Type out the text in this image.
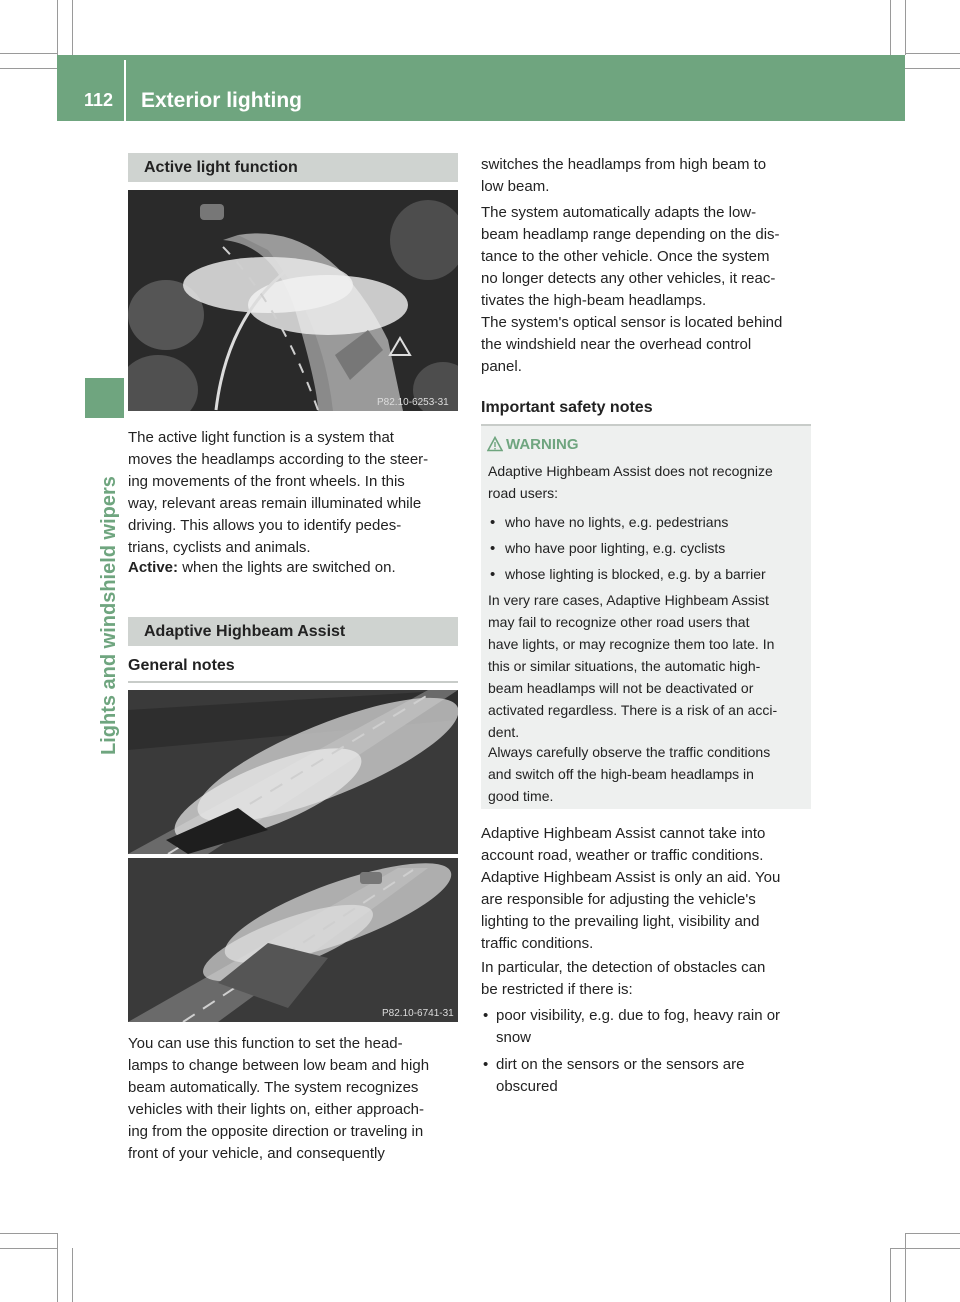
112 Exterior lighting
Lights and windshield wipers
Active light function
P82.10-6253-31
The active light function is a system that
moves the headlamps according to the steer-
ing movements of the front wheels. In this
way, relevant areas remain illuminated while
driving. This allows you to identify pedes-
trians, cyclists and animals.
Active: when the lights are switched on.
Adaptive Highbeam Assist
General notes
P82.10-6741-31
You can use this function to set the head-
lamps to change between low beam and high
beam automatically. The system recognizes
vehicles with their lights on, either approach-
ing from the opposite direction or traveling in
front of your vehicle, and consequently
switches the headlamps from high beam to
low beam.
The system automatically adapts the low-
beam headlamp range depending on the dis-
tance to the other vehicle. Once the system
no longer detects any other vehicles, it reac-
tivates the high-beam headlamps.
The system's optical sensor is located behind
the windshield near the overhead control
panel.
Important safety notes
WARNING
Adaptive Highbeam Assist does not recognize
road users:
• who have no lights, e.g. pedestrians
• who have poor lighting, e.g. cyclists
• whose lighting is blocked, e.g. by a barrier
In very rare cases, Adaptive Highbeam Assist
may fail to recognize other road users that
have lights, or may recognize them too late. In
this or similar situations, the automatic high-
beam headlamps will not be deactivated or
activated regardless. There is a risk of an acci-
dent.
Always carefully observe the traffic conditions
and switch off the high-beam headlamps in
good time.
Adaptive Highbeam Assist cannot take into
account road, weather or traffic conditions.
Adaptive Highbeam Assist is only an aid. You
are responsible for adjusting the vehicle's
lighting to the prevailing light, visibility and
traffic conditions.
In particular, the detection of obstacles can
be restricted if there is:
• poor visibility, e.g. due to fog, heavy rain or
snow
• dirt on the sensors or the sensors are
obscured
